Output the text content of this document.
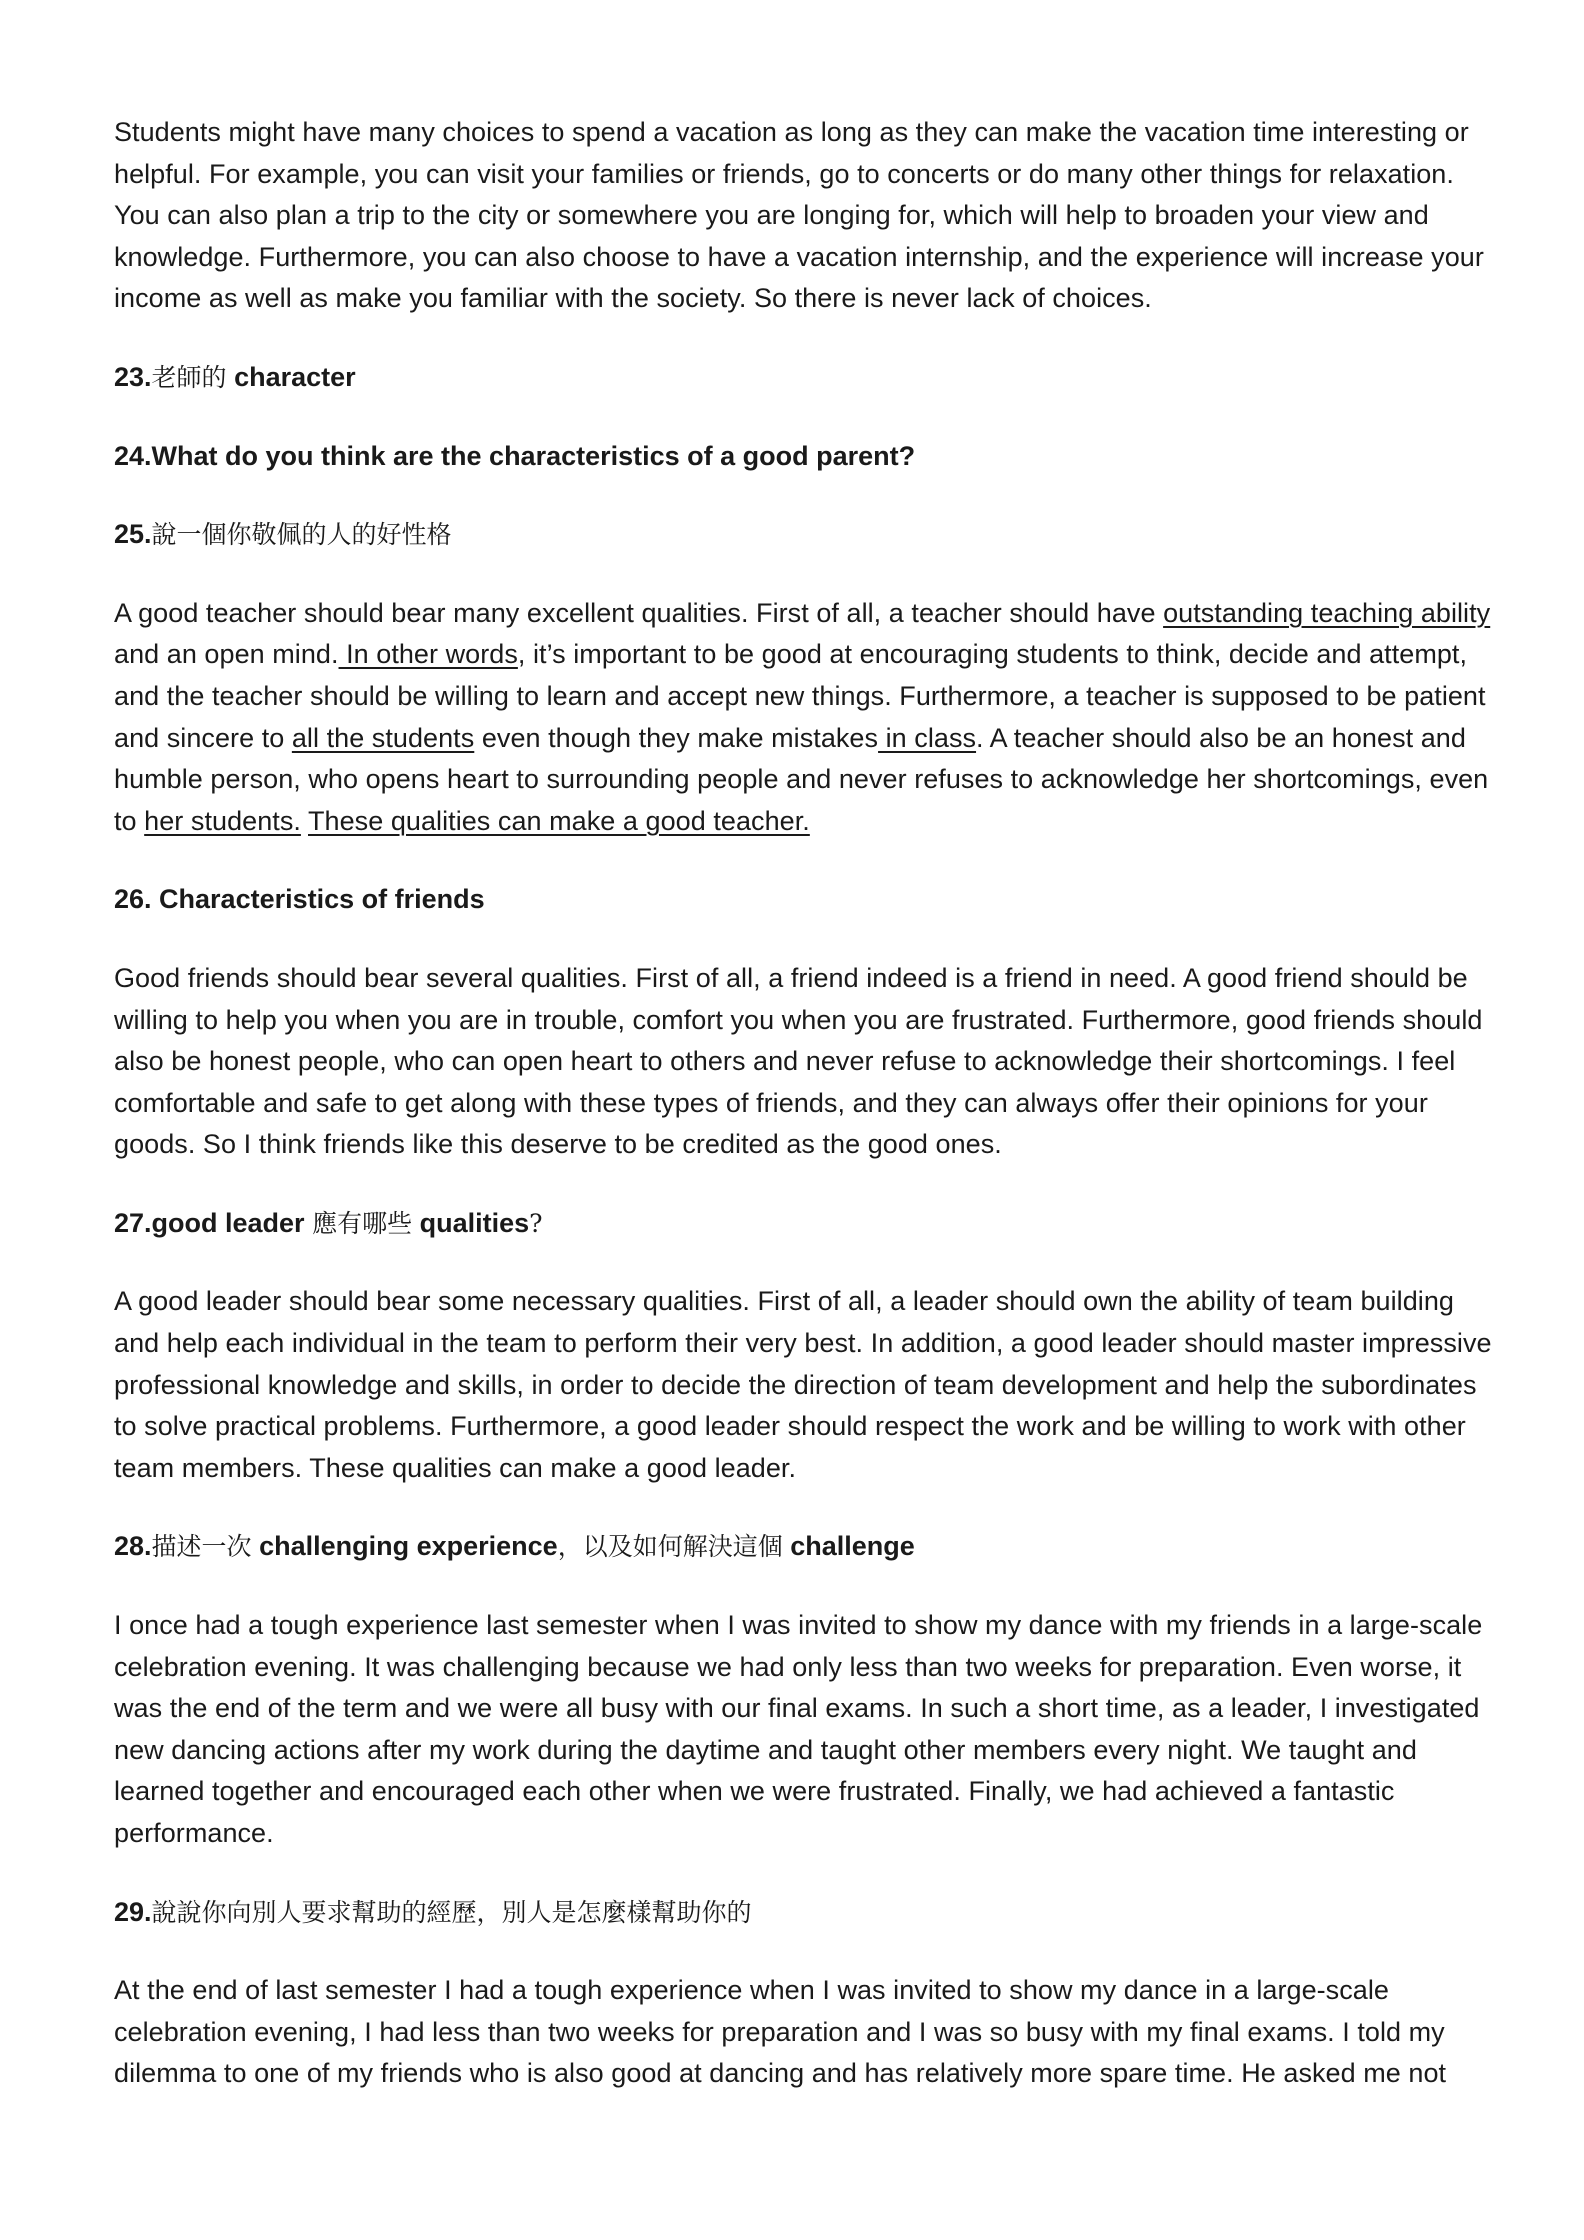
Students might have many choices to spend a vacation as long as they can make the vacation time interesting or helpful. For example, you can visit your families or friends, go to concerts or do many other things for relaxation. You can also plan a trip to the city or somewhere you are longing for, which will help to broaden your view and knowledge. Furthermore, you can also choose to have a vacation internship, and the experience will increase your income as well as make you familiar with the society. So there is never lack of choices.

23.老師的 character
24.What do you think are the characteristics of a good parent?
25.說一個你敬佩的人的好性格

A good teacher should bear many excellent qualities. First of all, a teacher should have outstanding teaching ability and an open mind. In other words, it’s important to be good at encouraging students to think, decide and attempt, and the teacher should be willing to learn and accept new things. Furthermore, a teacher is supposed to be patient and sincere to all the students even though they make mistakes in class. A teacher should also be an honest and humble person, who opens heart to surrounding people and never refuses to acknowledge her shortcomings, even to her students. These qualities can make a good teacher.

26. Characteristics of friends

Good friends should bear several qualities. First of all, a friend indeed is a friend in need. A good friend should be willing to help you when you are in trouble, comfort you when you are frustrated. Furthermore, good friends should also be honest people, who can open heart to others and never refuse to acknowledge their shortcomings. I feel comfortable and safe to get along with these types of friends, and they can always offer their opinions for your goods. So I think friends like this deserve to be credited as the good ones.

27.good leader 應有哪些 qualities?

A good leader should bear some necessary qualities. First of all, a leader should own the ability of team building and help each individual in the team to perform their very best. In addition, a good leader should master impressive professional knowledge and skills, in order to decide the direction of team development and help the subordinates to solve practical problems. Furthermore, a good leader should respect the work and be willing to work with other team members. These qualities can make a good leader.

28.描述一次 challenging experience，以及如何解決這個 challenge

I once had a tough experience last semester when I was invited to show my dance with my friends in a large-scale celebration evening. It was challenging because we had only less than two weeks for preparation. Even worse, it was the end of the term and we were all busy with our final exams. In such a short time, as a leader, I investigated new dancing actions after my work during the daytime and taught other members every night. We taught and learned together and encouraged each other when we were frustrated. Finally, we had achieved a fantastic performance.

29.說說你向別人要求幫助的經歷，別人是怎麼樣幫助你的

At the end of last semester I had a tough experience when I was invited to show my dance in a large-scale celebration evening, I had less than two weeks for preparation and I was so busy with my final exams. I told my dilemma to one of my friends who is also good at dancing and has relatively more spare time. He asked me not
